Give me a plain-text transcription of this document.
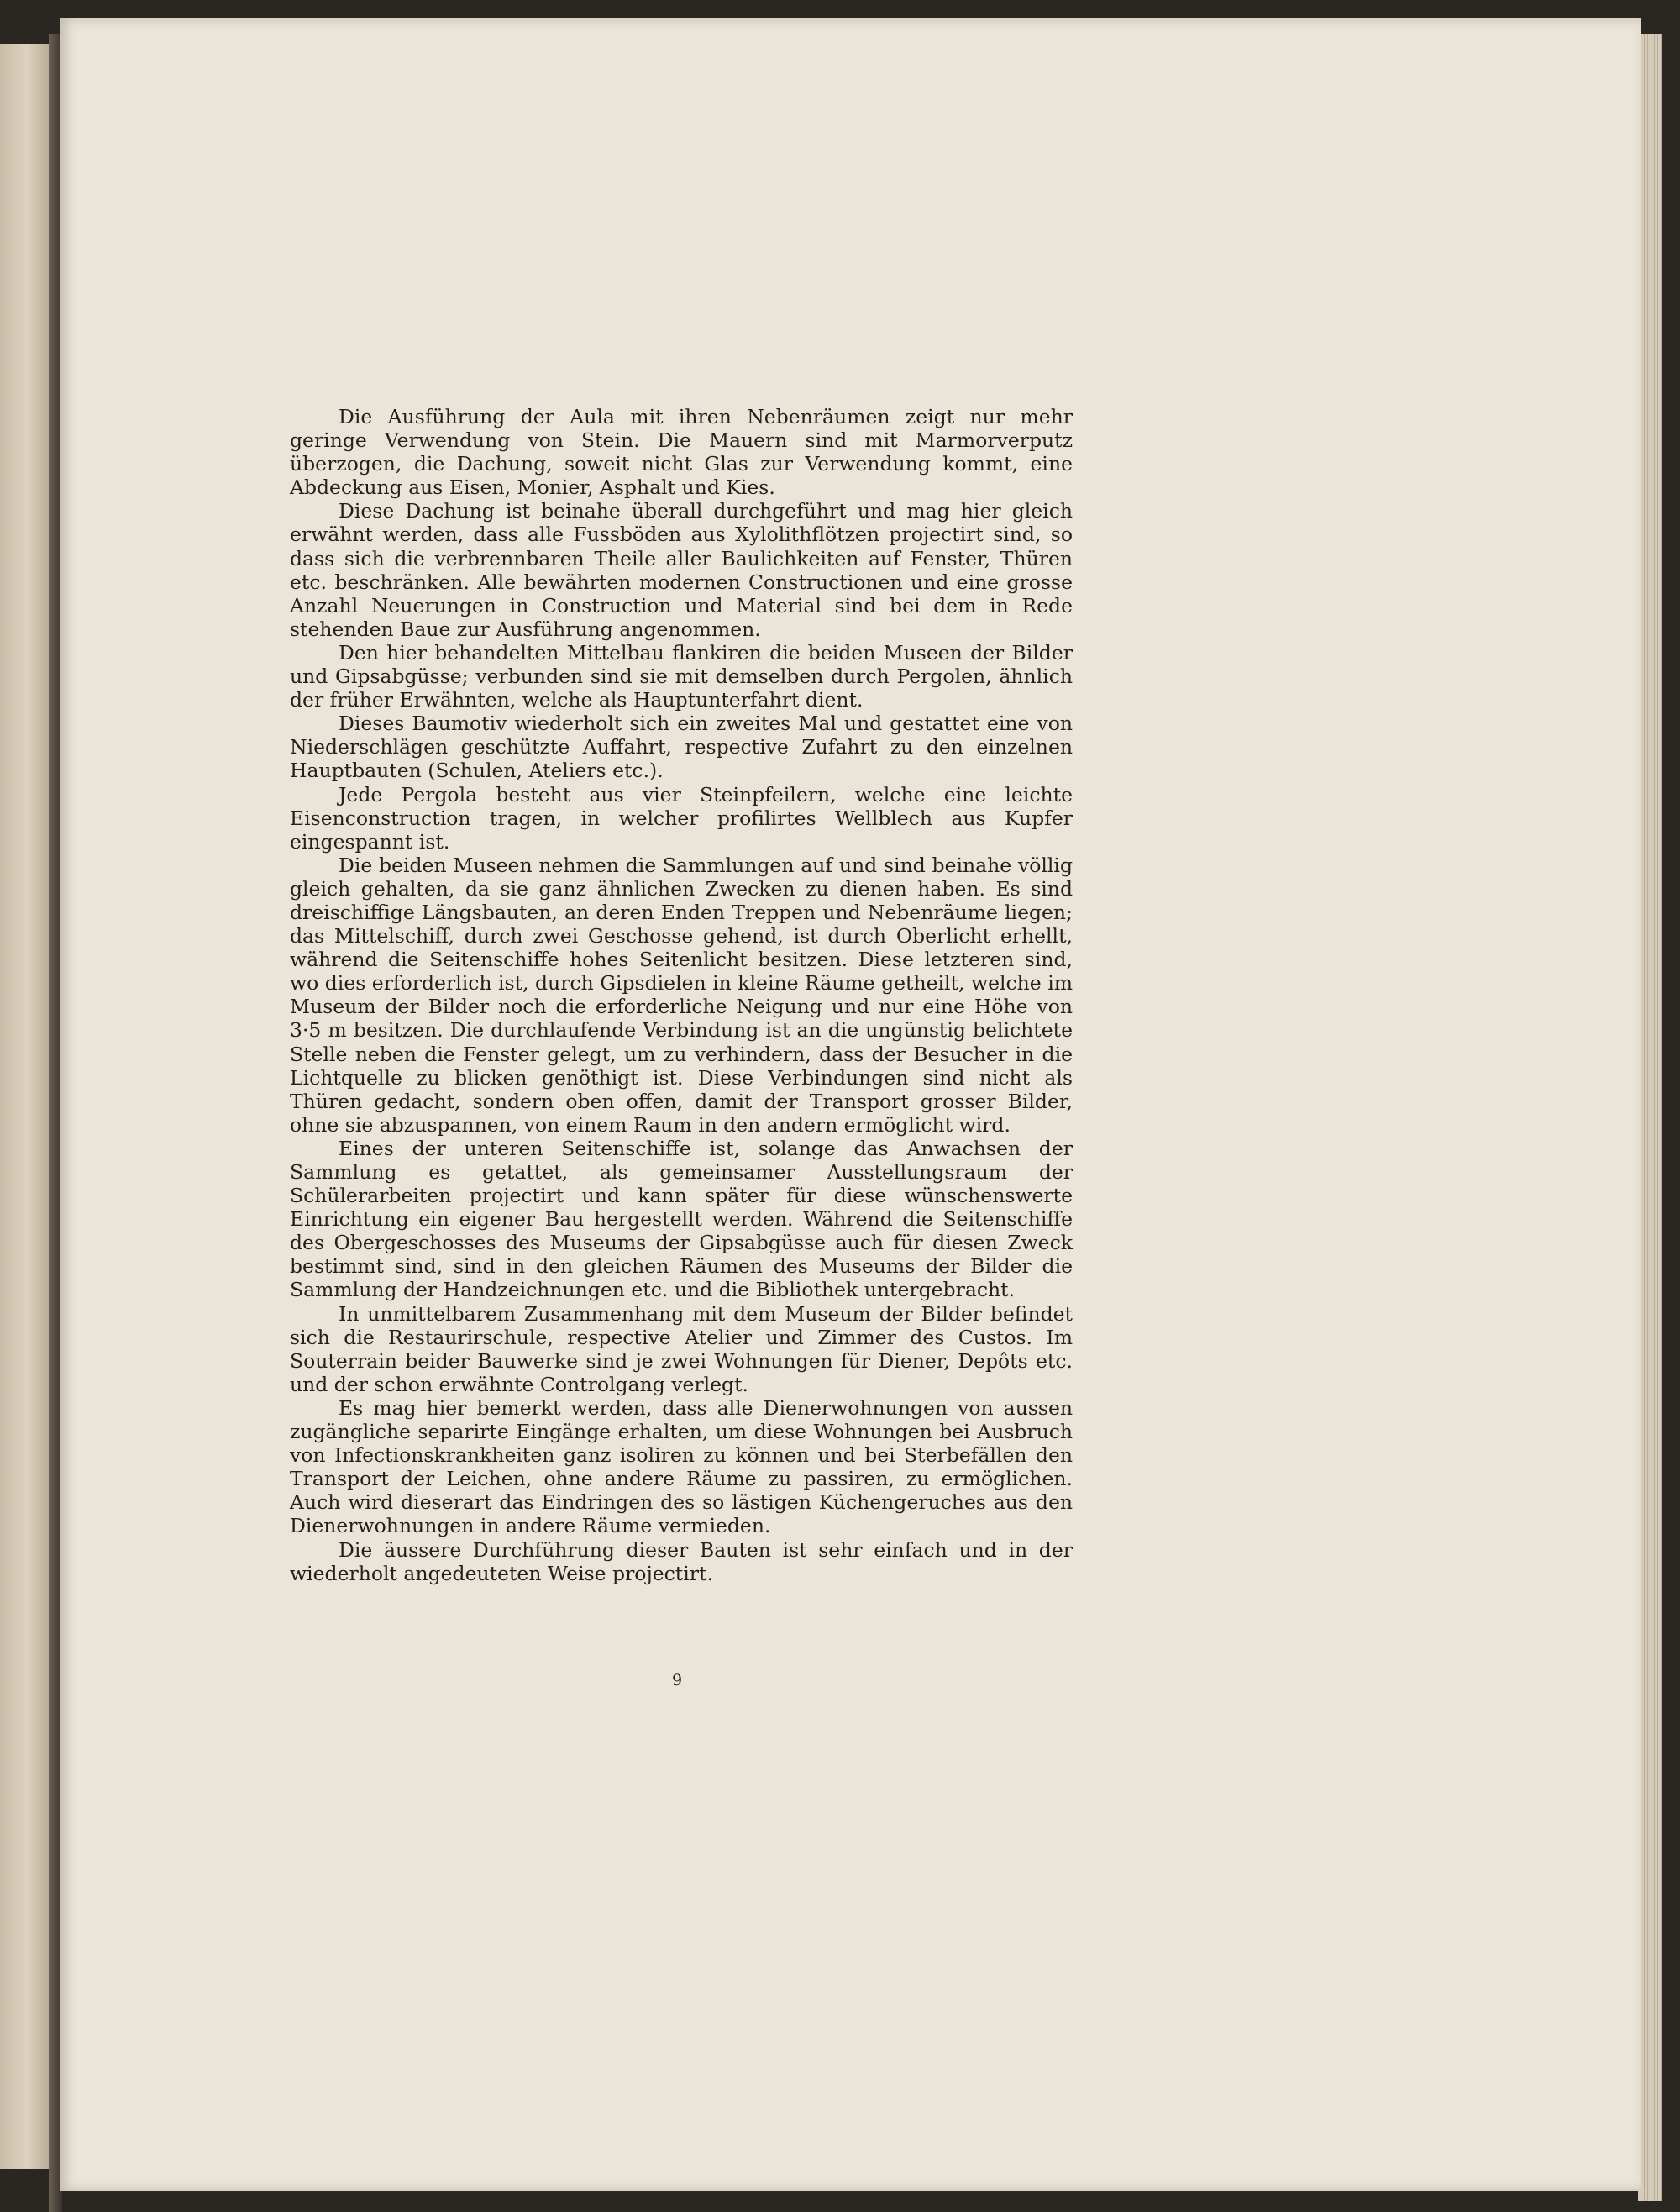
Die Ausführung der Aula mit ihren Nebenräumen zeigt nur mehr geringe Verwendung von Stein. Die Mauern sind mit Marmorverputz überzogen, die Dachung, soweit nicht Glas zur Verwendung kommt, eine Abdeckung aus Eisen, Monier, Asphalt und Kies.

Diese Dachung ist beinahe überall durchgeführt und mag hier gleich erwähnt werden, dass alle Fussböden aus Xylolithflötzen projectirt sind, so dass sich die verbrennbaren Theile aller Baulichkeiten auf Fenster, Thüren etc. beschränken. Alle bewährten modernen Constructionen und eine grosse Anzahl Neuerungen in Construction und Material sind bei dem in Rede stehenden Baue zur Ausführung angenommen.

Den hier behandelten Mittelbau flankiren die beiden Museen der Bilder und Gipsabgüsse; verbunden sind sie mit demselben durch Pergolen, ähnlich der früher Erwähnten, welche als Hauptunterfahrt dient.

Dieses Baumotiv wiederholt sich ein zweites Mal und gestattet eine von Niederschlägen geschützte Auffahrt, respective Zufahrt zu den einzelnen Hauptbauten (Schulen, Ateliers etc.).

Jede Pergola besteht aus vier Steinpfeilern, welche eine leichte Eisenconstruction tragen, in welcher profilirtes Wellblech aus Kupfer eingespannt ist.

Die beiden Museen nehmen die Sammlungen auf und sind beinahe völlig gleich gehalten, da sie ganz ähnlichen Zwecken zu dienen haben. Es sind dreischiffige Längsbauten, an deren Enden Treppen und Nebenräume liegen; das Mittelschiff, durch zwei Geschosse gehend, ist durch Oberlicht erhellt, während die Seitenschiffe hohes Seitenlicht besitzen. Diese letzteren sind, wo dies erforderlich ist, durch Gipsdielen in kleine Räume getheilt, welche im Museum der Bilder noch die erforderliche Neigung und nur eine Höhe von 3·5 m besitzen. Die durchlaufende Verbindung ist an die ungünstig belichtete Stelle neben die Fenster gelegt, um zu verhindern, dass der Besucher in die Lichtquelle zu blicken genöthigt ist. Diese Verbindungen sind nicht als Thüren gedacht, sondern oben offen, damit der Transport grosser Bilder, ohne sie abzuspannen, von einem Raum in den andern ermöglicht wird.

Eines der unteren Seitenschiffe ist, solange das Anwachsen der Sammlung es getattet, als gemeinsamer Ausstellungsraum der Schülerarbeiten projectirt und kann später für diese wünschenswerte Einrichtung ein eigener Bau hergestellt werden. Während die Seitenschiffe des Obergeschosses des Museums der Gipsabgüsse auch für diesen Zweck bestimmt sind, sind in den gleichen Räumen des Museums der Bilder die Sammlung der Handzeichnungen etc. und die Bibliothek untergebracht.

In unmittelbarem Zusammenhang mit dem Museum der Bilder befindet sich die Restaurirschule, respective Atelier und Zimmer des Custos. Im Souterrain beider Bauwerke sind je zwei Wohnungen für Diener, Depôts etc. und der schon erwähnte Controlgang verlegt.

Es mag hier bemerkt werden, dass alle Dienerwohnungen von aussen zugängliche separirte Eingänge erhalten, um diese Wohnungen bei Ausbruch von Infectionskrankheiten ganz isoliren zu können und bei Sterbefällen den Transport der Leichen, ohne andere Räume zu passiren, zu ermöglichen. Auch wird dieserart das Eindringen des so lästigen Küchengeruches aus den Dienerwohnungen in andere Räume vermieden.

Die äussere Durchführung dieser Bauten ist sehr einfach und in der wiederholt angedeuteten Weise projectirt.

9
